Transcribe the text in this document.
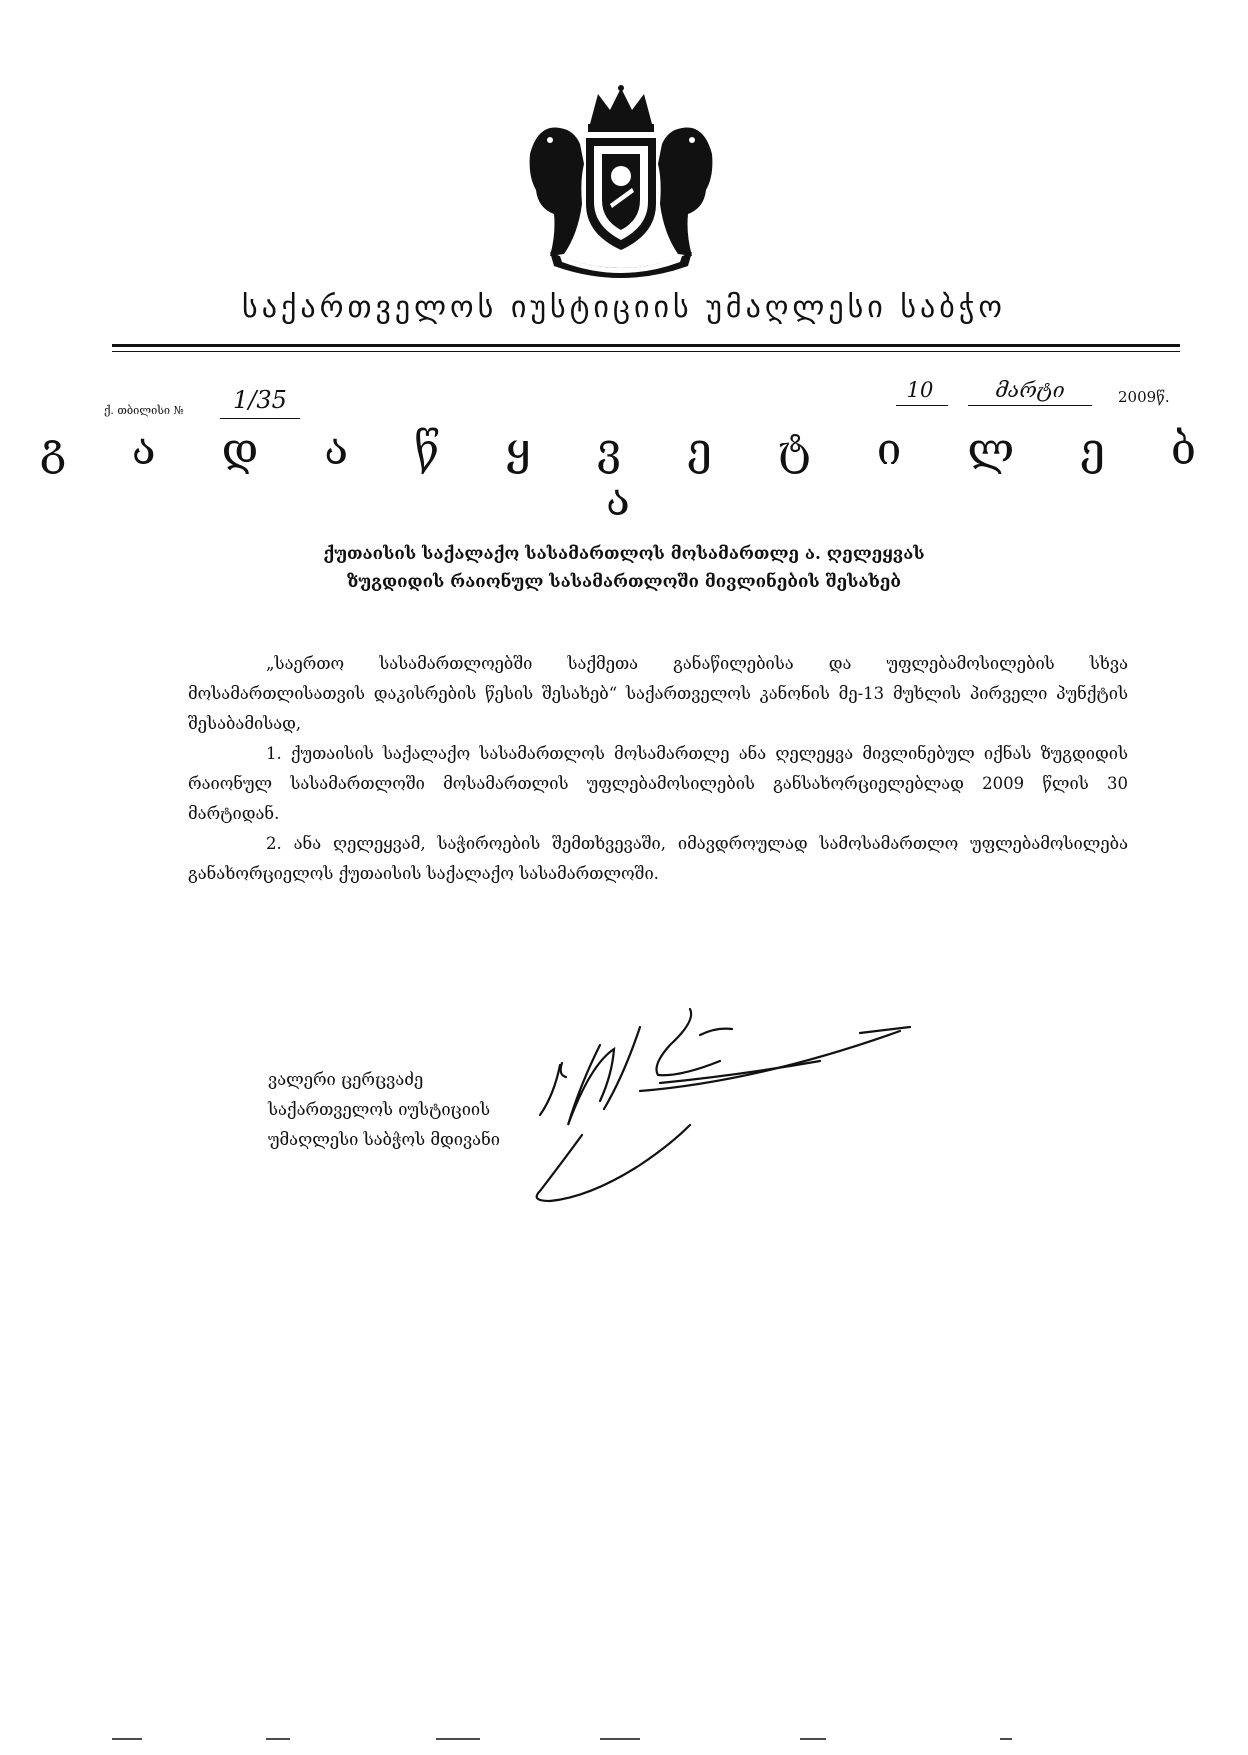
საქართველოს იუსტიციის უმაღლესი საბჭო
ქ. თბილისი №	1/35	10	მარტი	2009წ.
გ ა დ ა წ ყ ვ ე ტ ი ლ ე ბ ა
ქუთაისის საქალაქო სასამართლოს მოსამართლე ა. ღელეყვას
ზუგდიდის რაიონულ სასამართლოში მივლინების შესახებ

„საერთო სასამართლოებში საქმეთა განაწილებისა და უფლებამოსილების სხვა მოსამართლისათვის დაკისრების წესის შესახებ“ საქართველოს კანონის მე-13 მუხლის პირველი პუნქტის შესაბამისად,

1. ქუთაისის საქალაქო სასამართლოს მოსამართლე ანა ღელეყვა მივლინებულ იქნას ზუგდიდის რაიონულ სასამართლოში მოსამართლის უფლებამოსილების განსახორციელებლად 2009 წლის 30 მარტიდან.

2. ანა ღელეყვამ, საჭიროების შემთხვევაში, იმავდროულად სამოსამართლო უფლებამოსილება განახორციელოს ქუთაისის საქალაქო სასამართლოში.

ვალერი ცერცვაძე
საქართველოს იუსტიციის
უმაღლესი საბჭოს მდივანი
